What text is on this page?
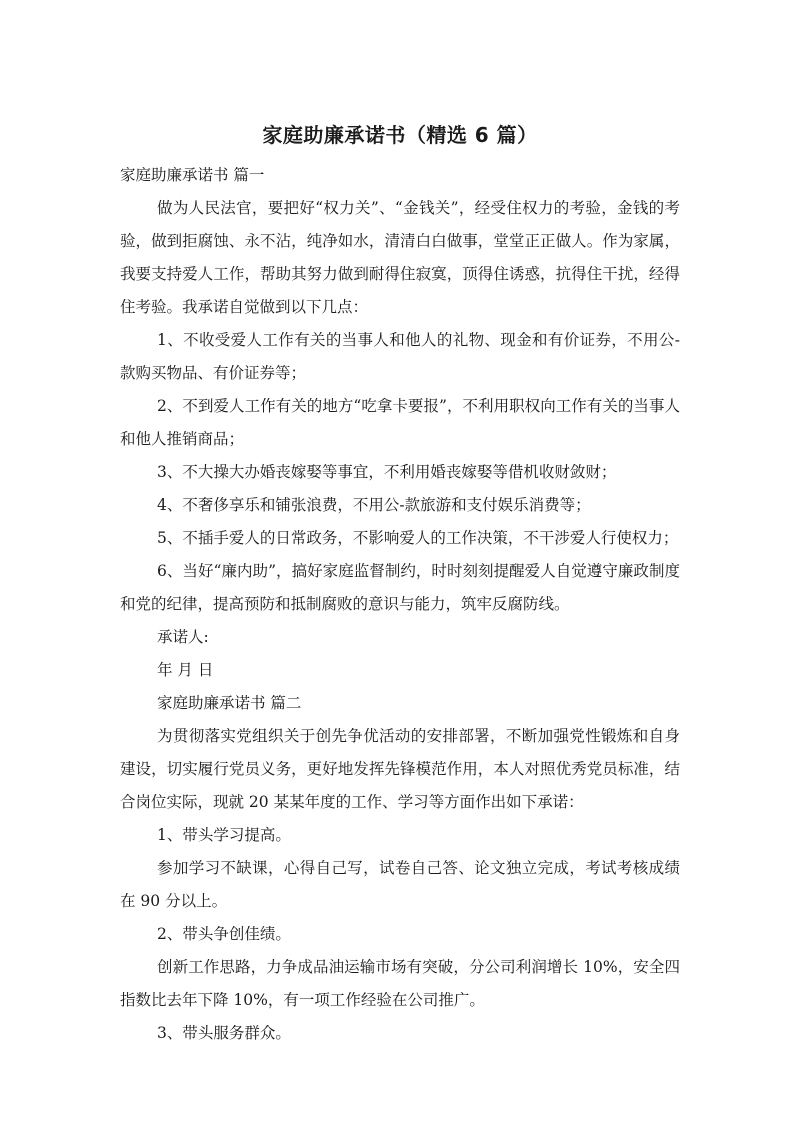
家庭助廉承诺书（精选 6 篇）

家庭助廉承诺书 篇一

做为人民法官，要把好“权力关”、“金钱关”，经受住权力的考验，金钱的考验，做到拒腐蚀、永不沾，纯净如水，清清白白做事，堂堂正正做人。作为家属，我要支持爱人工作，帮助其努力做到耐得住寂寞，顶得住诱惑，抗得住干扰，经得住考验。我承诺自觉做到以下几点：

1、不收受爱人工作有关的当事人和他人的礼物、现金和有价证券，不用公-款购买物品、有价证券等；

2、不到爱人工作有关的地方“吃拿卡要报”，不利用职权向工作有关的当事人和他人推销商品；

3、不大操大办婚丧嫁娶等事宜，不利用婚丧嫁娶等借机收财敛财；

4、不奢侈享乐和铺张浪费，不用公-款旅游和支付娱乐消费等；

5、不插手爱人的日常政务，不影响爱人的工作决策，不干涉爱人行使权力；

6、当好“廉内助”，搞好家庭监督制约，时时刻刻提醒爱人自觉遵守廉政制度和党的纪律，提高预防和抵制腐败的意识与能力，筑牢反腐防线。

承诺人:

年 月 日

家庭助廉承诺书 篇二

为贯彻落实党组织关于创先争优活动的安排部署，不断加强党性锻炼和自身建设，切实履行党员义务，更好地发挥先锋模范作用，本人对照优秀党员标准，结合岗位实际，现就 20 某某年度的工作、学习等方面作出如下承诺：

1、带头学习提高。

参加学习不缺课，心得自己写，试卷自己答、论文独立完成，考试考核成绩在 90 分以上。

2、带头争创佳绩。

创新工作思路，力争成品油运输市场有突破，分公司利润增长 10%，安全四指数比去年下降 10%，有一项工作经验在公司推广。

3、带头服务群众。
